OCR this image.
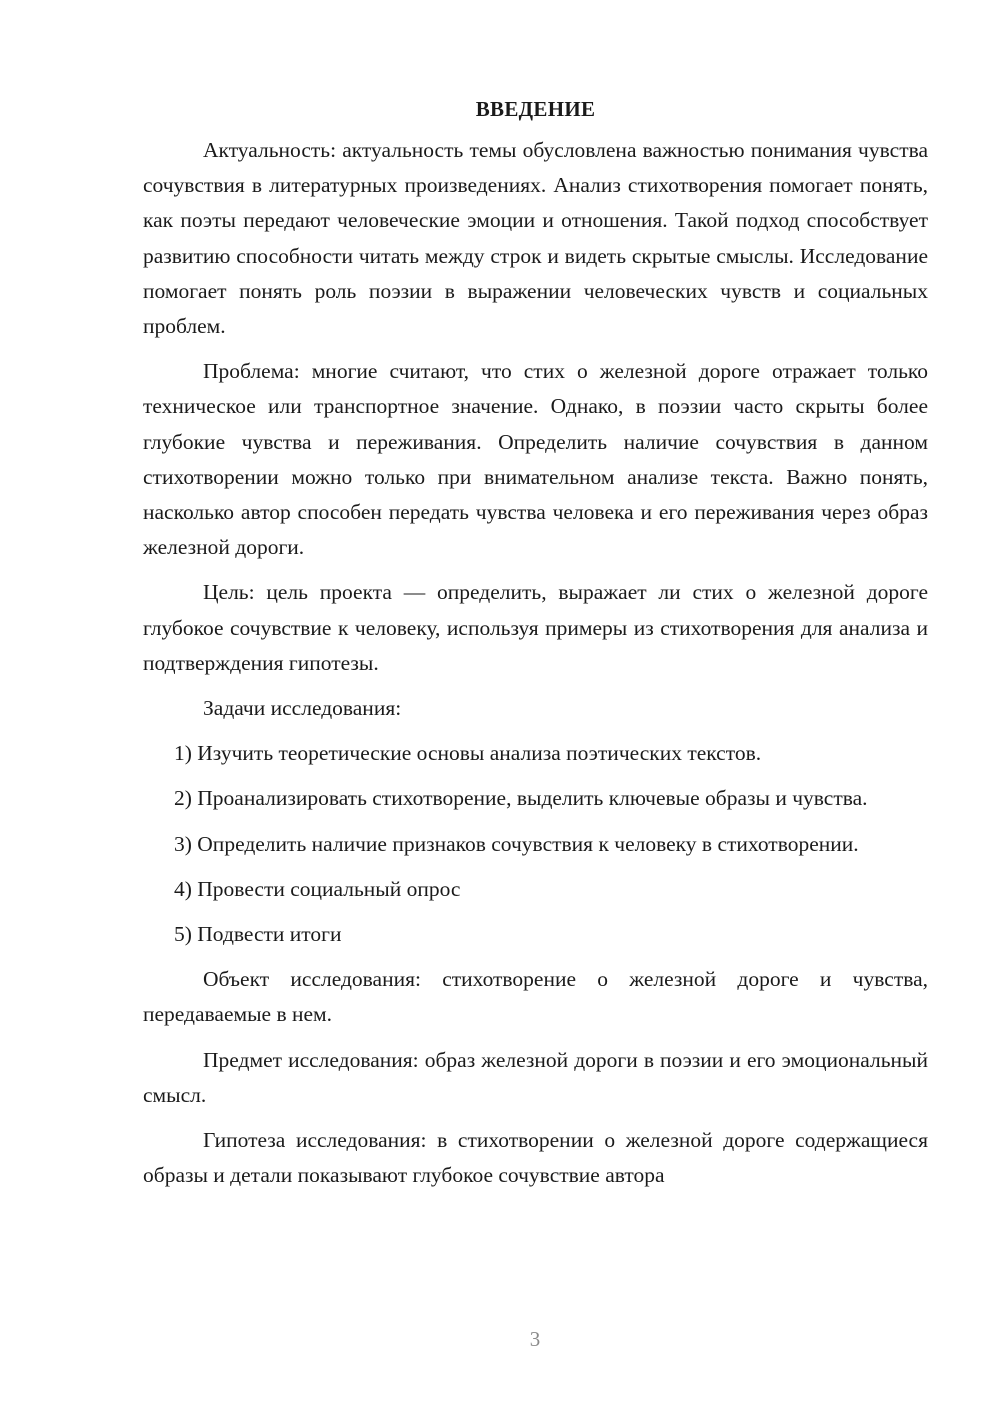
ВВЕДЕНИЕ

Актуальность: актуальность темы обусловлена важностью понимания чувства сочувствия в литературных произведениях. Анализ стихотворения помогает понять, как поэты передают человеческие эмоции и отношения. Такой подход способствует развитию способности читать между строк и видеть скрытые смыслы. Исследование помогает понять роль поэзии в выражении человеческих чувств и социальных проблем.

Проблема: многие считают, что стих о железной дороге отражает только техническое или транспортное значение. Однако, в поэзии часто скрыты более глубокие чувства и переживания. Определить наличие сочувствия в данном стихотворении можно только при внимательном анализе текста. Важно понять, насколько автор способен передать чувства человека и его переживания через образ железной дороги.

Цель: цель проекта — определить, выражает ли стих о железной дороге глубокое сочувствие к человеку, используя примеры из стихотворения для анализа и подтверждения гипотезы.

Задачи исследования:

1) Изучить теоретические основы анализа поэтических текстов.

2) Проанализировать стихотворение, выделить ключевые образы и чувства.

3) Определить наличие признаков сочувствия к человеку в стихотворении.

4) Провести социальный опрос

5) Подвести итоги

Объект исследования: стихотворение о железной дороге и чувства, передаваемые в нем.

Предмет исследования: образ железной дороги в поэзии и его эмоциональный смысл.

Гипотеза исследования: в стихотворении о железной дороге содержащиеся образы и детали показывают глубокое сочувствие автора

3
